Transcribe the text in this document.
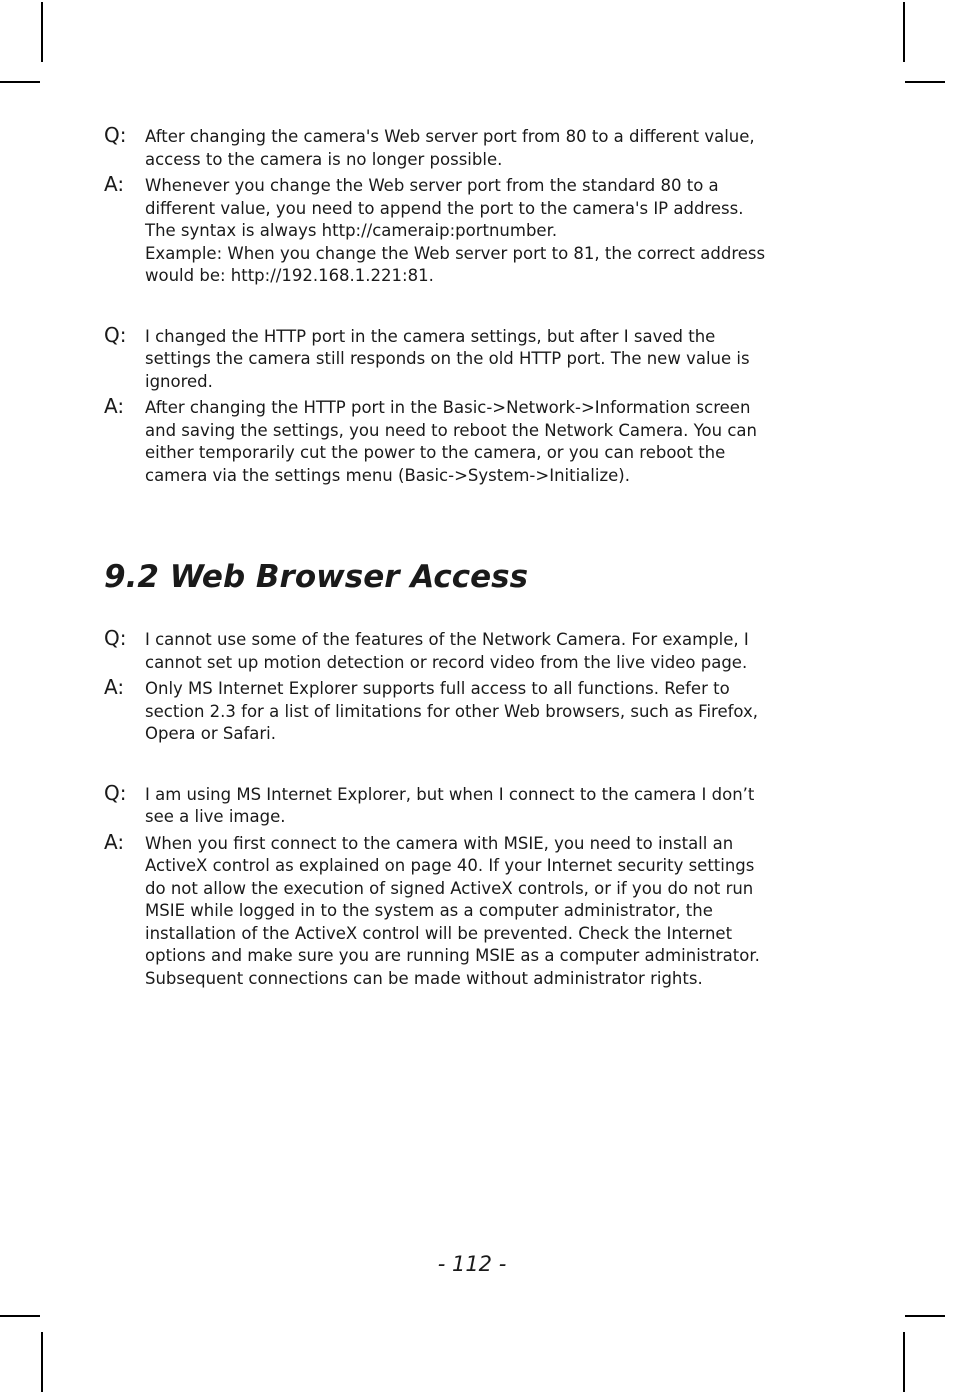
Q: After changing the camera's Web server port from 80 to a different value,
access to the camera is no longer possible.
A: Whenever you change the Web server port from the standard 80 to a
different value, you need to append the port to the camera's IP address.
The syntax is always http://cameraip:portnumber.
Example: When you change the Web server port to 81, the correct address
would be: http://192.168.1.221:81.
Q: I changed the HTTP port in the camera settings, but after I saved the
settings the camera still responds on the old HTTP port. The new value is
ignored.
A: After changing the HTTP port in the Basic->Network->Information screen
and saving the settings, you need to reboot the Network Camera. You can
either temporarily cut the power to the camera, or you can reboot the
camera via the settings menu (Basic->System->Initialize).
9.2 Web Browser Access
Q: I cannot use some of the features of the Network Camera. For example, I
cannot set up motion detection or record video from the live video page.
A: Only MS Internet Explorer supports full access to all functions. Refer to
section 2.3 for a list of limitations for other Web browsers, such as Firefox,
Opera or Safari.
Q: I am using MS Internet Explorer, but when I connect to the camera I don’t
see a live image.
A: When you first connect to the camera with MSIE, you need to install an
ActiveX control as explained on page 40. If your Internet security settings
do not allow the execution of signed ActiveX controls, or if you do not run
MSIE while logged in to the system as a computer administrator, the
installation of the ActiveX control will be prevented. Check the Internet
options and make sure you are running MSIE as a computer administrator.
Subsequent connections can be made without administrator rights.
- 112 -
